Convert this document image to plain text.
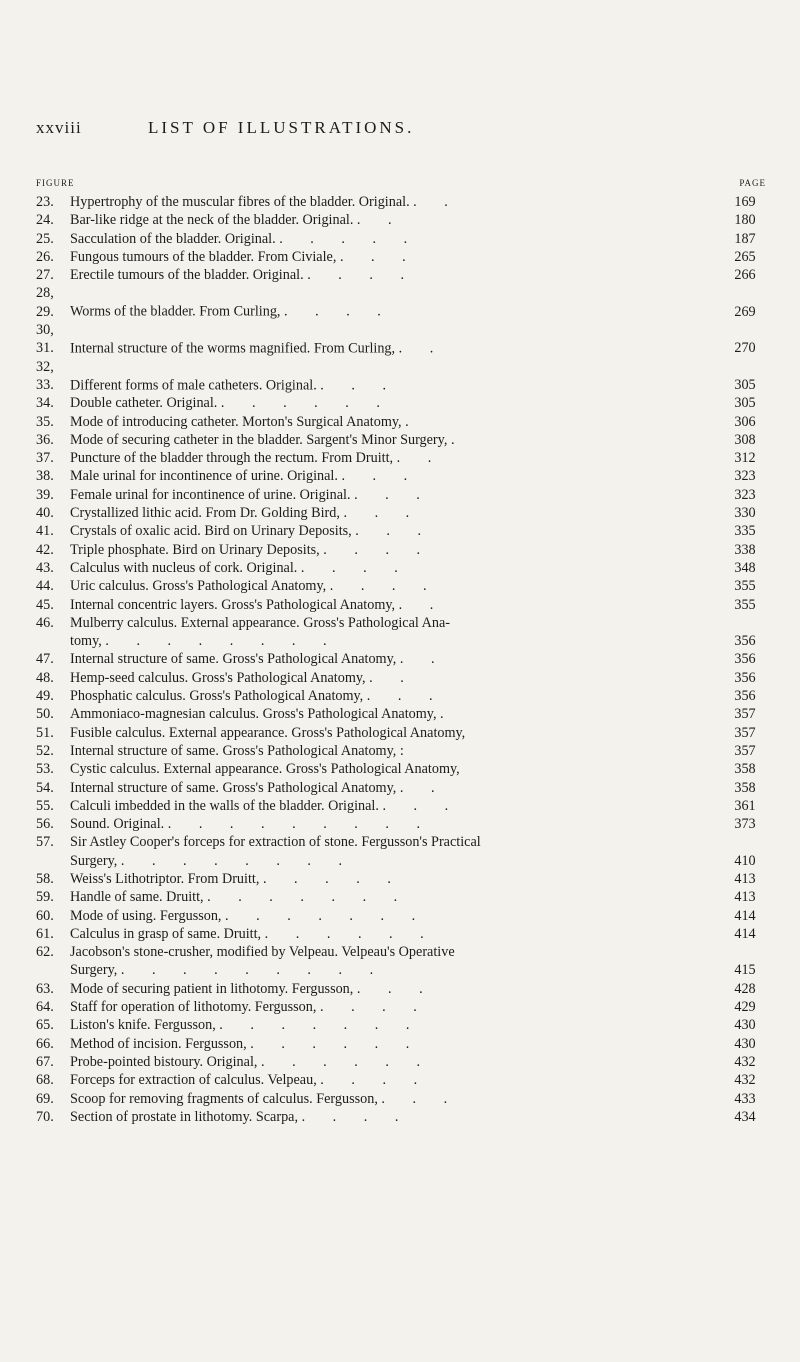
xxviii	LIST OF ILLUSTRATIONS.
FIGURE	PAGE
23. Hypertrophy of the muscular fibres of the bladder. Original. . .	169
24. Bar-like ridge at the neck of the bladder. Original. . .	180
25. Sacculation of the bladder. Original. . . . . .	187
26. Fungous tumours of the bladder. From Civiale, . . .	265
27. Erectile tumours of the bladder. Original. . . . .	266
28, 29. Worms of the bladder. From Curling, . . . .	269
30, 31. Internal structure of the worms magnified. From Curling, . .	270
32, 33. Different forms of male catheters. Original. . . .	305
34. Double catheter. Original. . . . . . .	305
35. Mode of introducing catheter. Morton's Surgical Anatomy, .	306
36. Mode of securing catheter in the bladder. Sargent's Minor Surgery, .	308
37. Puncture of the bladder through the rectum. From Druitt, . .	312
38. Male urinal for incontinence of urine. Original. . . .	323
39. Female urinal for incontinence of urine. Original. . . .	323
40. Crystallized lithic acid. From Dr. Golding Bird, . . .	330
41. Crystals of oxalic acid. Bird on Urinary Deposits, . . .	335
42. Triple phosphate. Bird on Urinary Deposits, . . . .	338
43. Calculus with nucleus of cork. Original. . . . .	348
44. Uric calculus. Gross's Pathological Anatomy, . . . .	355
45. Internal concentric layers. Gross's Pathological Anatomy, . .	355
46. Mulberry calculus. External appearance. Gross's Pathological Ana-
tomy, . . . . . . . .	356
47. Internal structure of same. Gross's Pathological Anatomy, . .	356
48. Hemp-seed calculus. Gross's Pathological Anatomy, . .	356
49. Phosphatic calculus. Gross's Pathological Anatomy, . . .	356
50. Ammoniaco-magnesian calculus. Gross's Pathological Anatomy, .	357
51. Fusible calculus. External appearance. Gross's Pathological Anatomy,	357
52. Internal structure of same. Gross's Pathological Anatomy, :	357
53. Cystic calculus. External appearance. Gross's Pathological Anatomy,	358
54. Internal structure of same. Gross's Pathological Anatomy, . .	358
55. Calculi imbedded in the walls of the bladder. Original. . . .	361
56. Sound. Original. . . . . . . . . .	373
57. Sir Astley Cooper's forceps for extraction of stone. Fergusson's Practical
Surgery, . . . . . . . .	410
58. Weiss's Lithotriptor. From Druitt, . . . . .	413
59. Handle of same. Druitt, . . . . . . .	413
60. Mode of using. Fergusson, . . . . . . .	414
61. Calculus in grasp of same. Druitt, . . . . . .	414
62. Jacobson's stone-crusher, modified by Velpeau. Velpeau's Operative
Surgery, . . . . . . . . .	415
63. Mode of securing patient in lithotomy. Fergusson, . . .	428
64. Staff for operation of lithotomy. Fergusson, . . . .	429
65. Liston's knife. Fergusson, . . . . . . .	430
66. Method of incision. Fergusson, . . . . . .	430
67. Probe-pointed bistoury. Original, . . . . . .	432
68. Forceps for extraction of calculus. Velpeau, . . . .	432
69. Scoop for removing fragments of calculus. Fergusson, . . .	433
70. Section of prostate in lithotomy. Scarpa, . . . .	434
